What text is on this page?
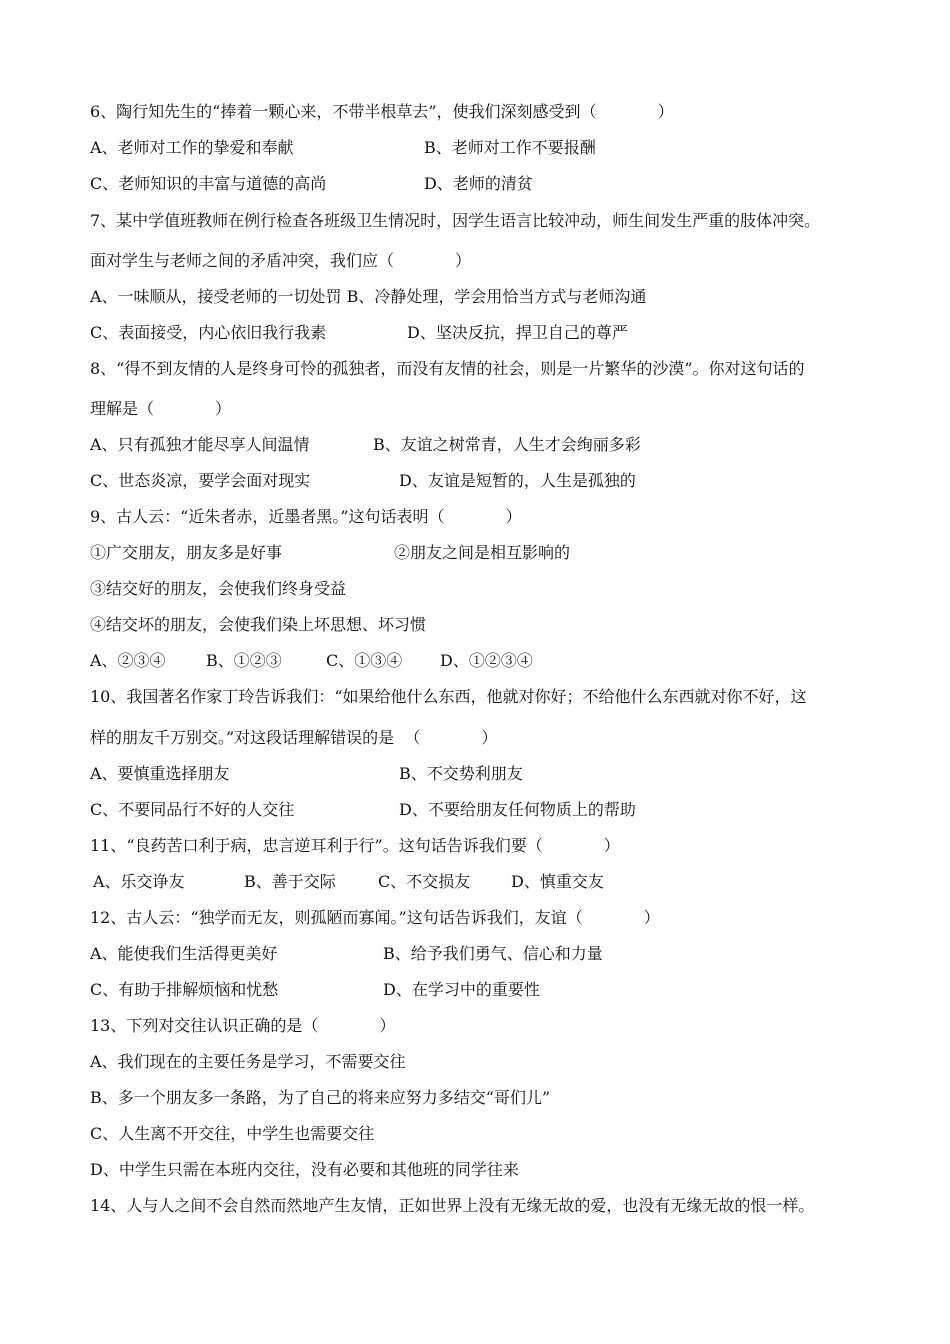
6、陶行知先生的“捧着一颗心来，不带半根草去”，使我们深刻感受到（            ）
A、老师对工作的挚爱和奉献	B、老师对工作不要报酬
C、老师知识的丰富与道德的高尚	D、老师的清贫
7、某中学值班教师在例行检查各班级卫生情况时，因学生语言比较冲动，师生间发生严重的肢体冲突。
面对学生与老师之间的矛盾冲突，我们应（            ）
A、一味顺从，接受老师的一切处罚 B、冷静处理，学会用恰当方式与老师沟通
C、表面接受，内心依旧我行我素	D、坚决反抗，捍卫自己的尊严
8、“得不到友情的人是终身可怜的孤独者，而没有友情的社会，则是一片繁华的沙漠”。你对这句话的
理解是（            ）
A、只有孤独才能尽享人间温情	B、友谊之树常青，人生才会绚丽多彩
C、世态炎凉，要学会面对现实	D、友谊是短暂的，人生是孤独的
9、古人云：“近朱者赤，近墨者黑。”这句话表明（            ）
①广交朋友，朋友多是好事	②朋友之间是相互影响的
③结交好的朋友，会使我们终身受益
④结交坏的朋友，会使我们染上坏思想、坏习惯
A、②③④	B、①②③	C、①③④ D、①②③④
10、我国著名作家丁玲告诉我们：“如果给他什么东西，他就对你好；不给他什么东西就对你不好，这
样的朋友千万别交。”对这段话理解错误的是  （            ）
A、要慎重选择朋友	B、不交势利朋友
C、不要同品行不好的人交往	D、不要给朋友任何物质上的帮助
11、“良药苦口利于病，忠言逆耳利于行”。这句话告诉我们要（            ）
A、乐交诤友	B、善于交际	C、不交损友	D、慎重交友
12、古人云：“独学而无友，则孤陋而寡闻。”这句话告诉我们，友谊（            ）
A、能使我们生活得更美好	B、给予我们勇气、信心和力量
C、有助于排解烦恼和忧愁	D、在学习中的重要性
13、下列对交往认识正确的是（            ）
A、我们现在的主要任务是学习，不需要交往
B、多一个朋友多一条路，为了自己的将来应努力多结交“哥们儿”
C、人生离不开交往，中学生也需要交往
D、中学生只需在本班内交往，没有必要和其他班的同学往来
14、人与人之间不会自然而然地产生友情，正如世界上没有无缘无故的爱，也没有无缘无故的恨一样。
